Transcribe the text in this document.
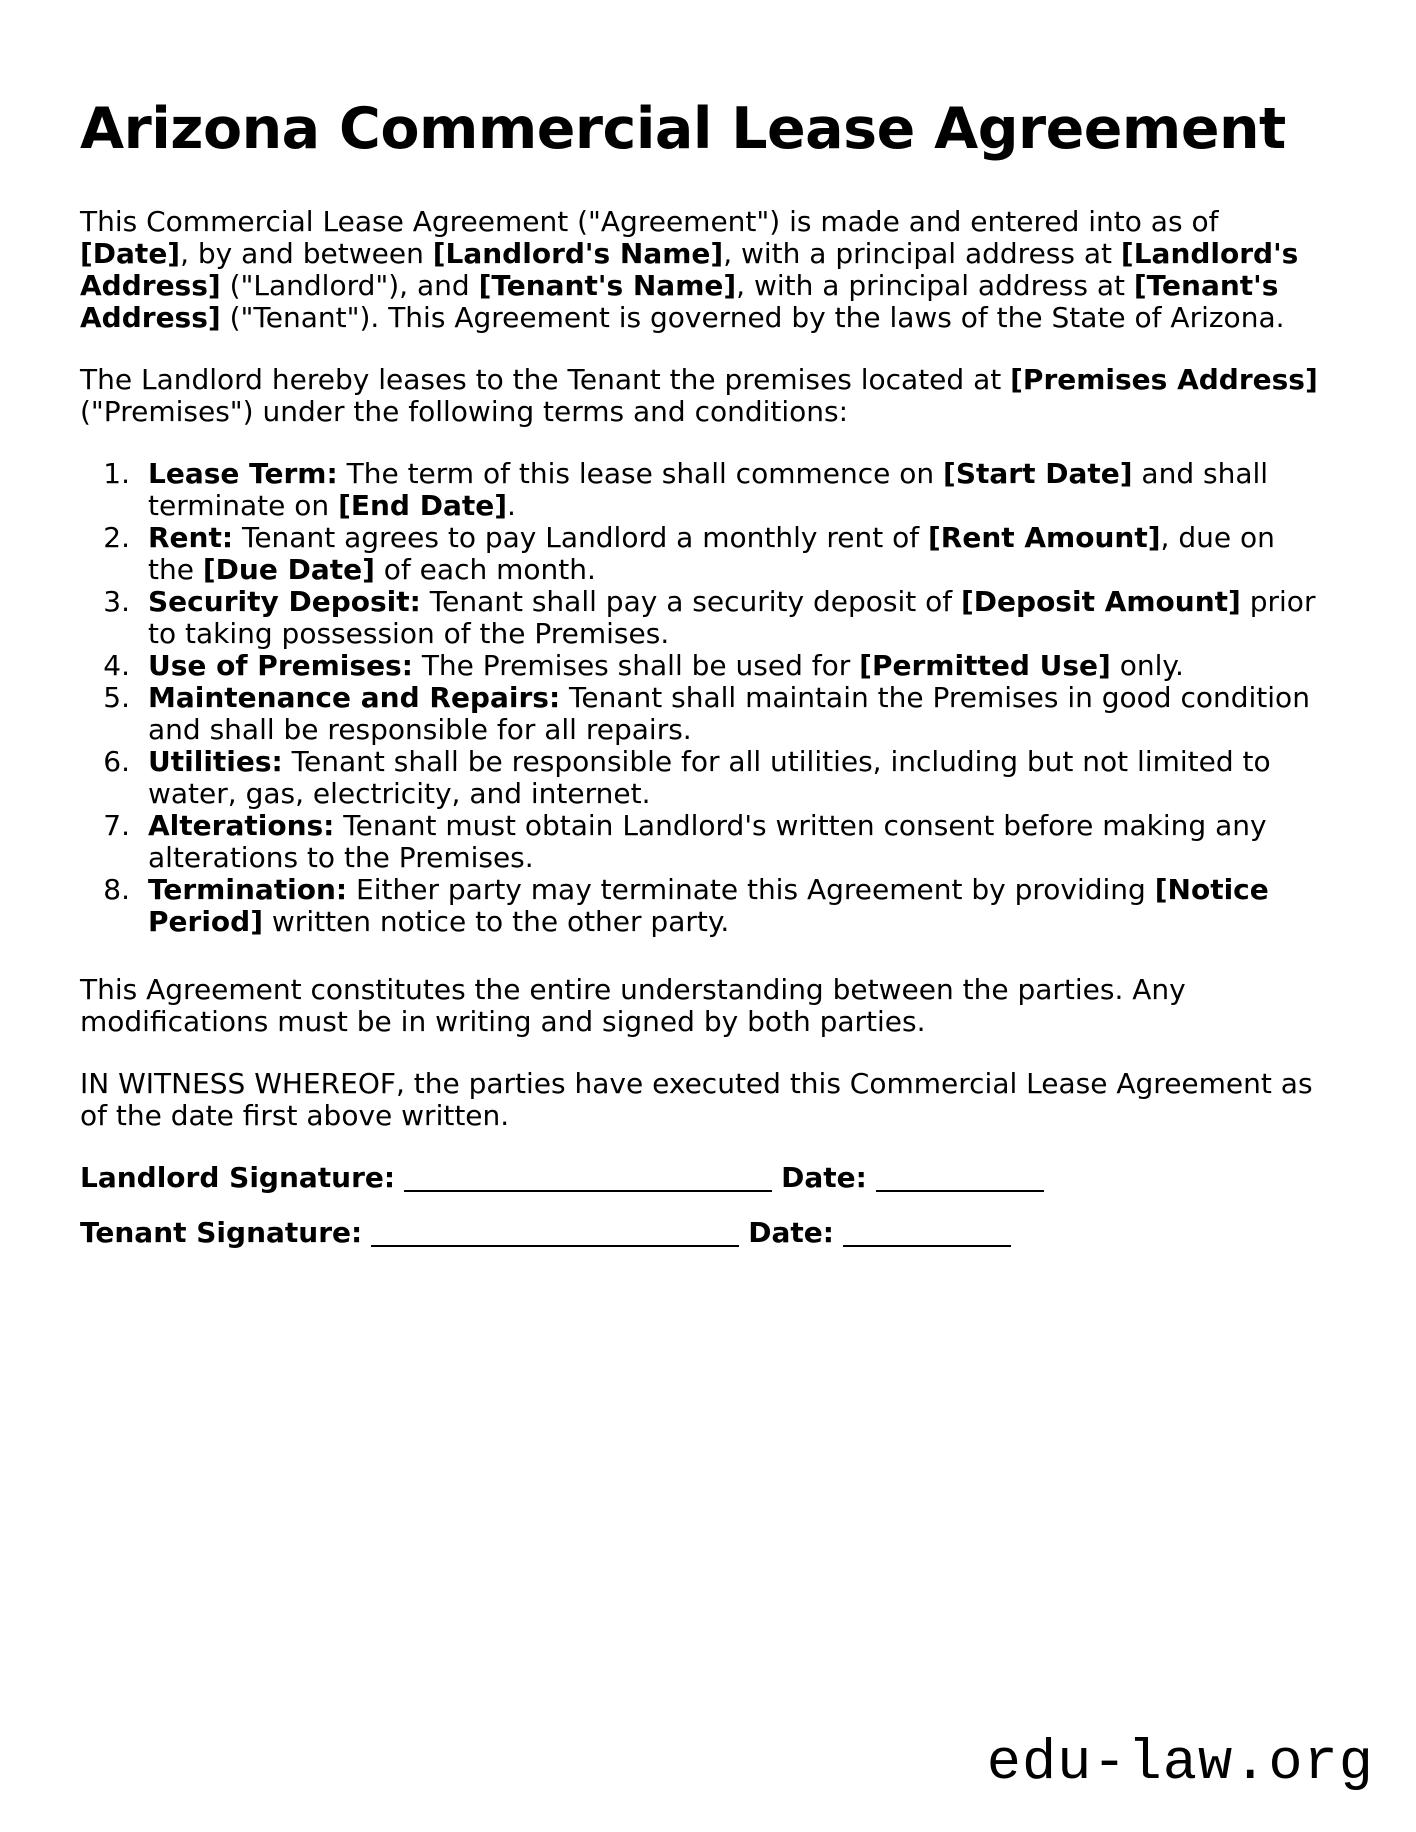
Arizona Commercial Lease Agreement

This Commercial Lease Agreement ("Agreement") is made and entered into as of [Date], by and between [Landlord's Name], with a principal address at [Landlord's Address] ("Landlord"), and [Tenant's Name], with a principal address at [Tenant's Address] ("Tenant"). This Agreement is governed by the laws of the State of Arizona.

The Landlord hereby leases to the Tenant the premises located at [Premises Address] ("Premises") under the following terms and conditions:

Lease Term: The term of this lease shall commence on [Start Date] and shall terminate on [End Date].
Rent: Tenant agrees to pay Landlord a monthly rent of [Rent Amount], due on the [Due Date] of each month.
Security Deposit: Tenant shall pay a security deposit of [Deposit Amount] prior to taking possession of the Premises.
Use of Premises: The Premises shall be used for [Permitted Use] only.
Maintenance and Repairs: Tenant shall maintain the Premises in good condition and shall be responsible for all repairs.
Utilities: Tenant shall be responsible for all utilities, including but not limited to water, gas, electricity, and internet.
Alterations: Tenant must obtain Landlord's written consent before making any alterations to the Premises.
Termination: Either party may terminate this Agreement by providing [Notice Period] written notice to the other party.

This Agreement constitutes the entire understanding between the parties. Any modifications must be in writing and signed by both parties.

IN WITNESS WHEREOF, the parties have executed this Commercial Lease Agreement as of the date first above written.

Landlord Signature:	Date:
Tenant Signature:	Date:
edu-law.org
